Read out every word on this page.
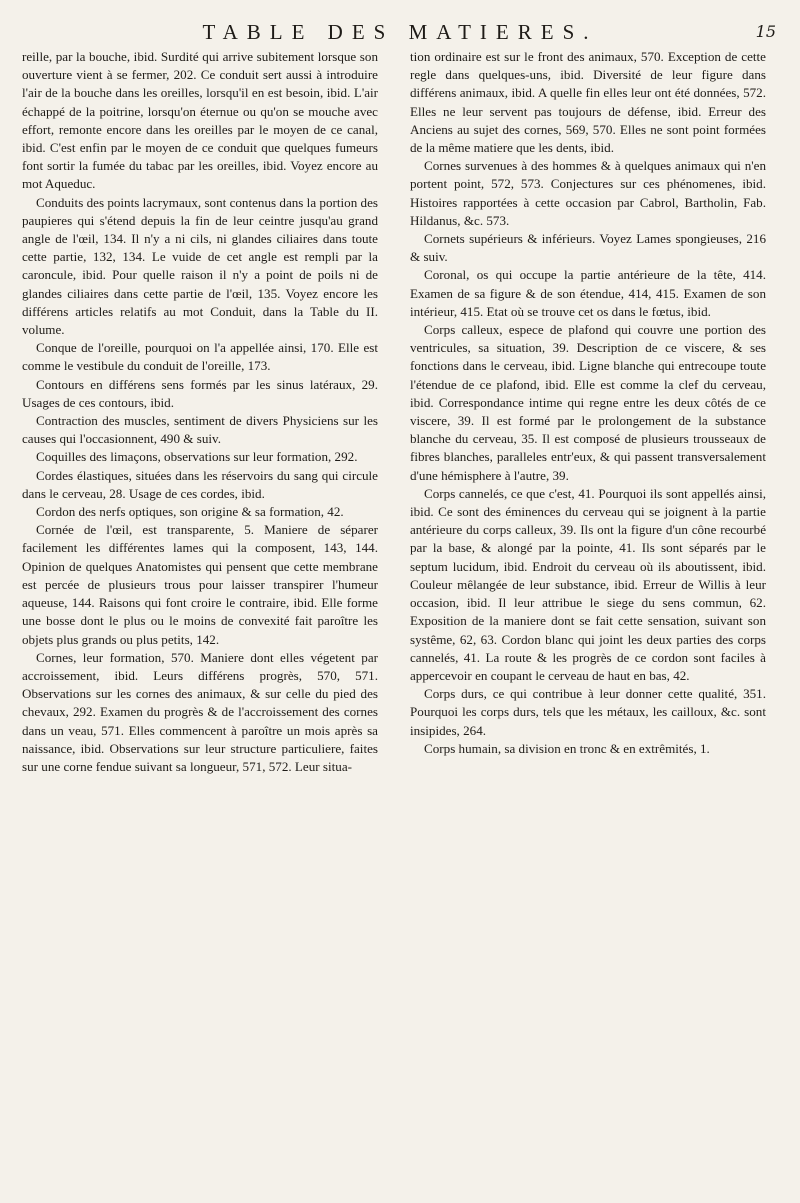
TABLE DES MATIERES.	15

reille, par la bouche, ibid. Surdité qui arrive subitement lorsque son ouverture vient à se fermer, 202. Ce conduit sert aussi à introduire l'air de la bouche dans les oreilles, lorsqu'il en est besoin, ibid. L'air échappé de la poitrine, lorsqu'on éternue ou qu'on se mouche avec effort, remonte encore dans les oreilles par le moyen de ce canal, ibid. C'est enfin par le moyen de ce conduit que quelques fumeurs font sortir la fumée du tabac par les oreilles, ibid. Voyez encore au mot Aqueduc.

Conduits des points lacrymaux, sont contenus dans la portion des paupieres qui s'étend depuis la fin de leur ceintre jusqu'au grand angle de l'œil, 134. Il n'y a ni cils, ni glandes ciliaires dans toute cette partie, 132, 134. Le vuide de cet angle est rempli par la caroncule, ibid. Pour quelle raison il n'y a point de poils ni de glandes ciliaires dans cette partie de l'œil, 135. Voyez encore les différens articles relatifs au mot Conduit, dans la Table du II. volume.

Conque de l'oreille, pourquoi on l'a appellée ainsi, 170. Elle est comme le vestibule du conduit de l'oreille, 173.

Contours en différens sens formés par les sinus latéraux, 29. Usages de ces contours, ibid.

Contraction des muscles, sentiment de divers Physiciens sur les causes qui l'occasionnent, 490 & suiv.

Coquilles des limaçons, observations sur leur formation, 292.

Cordes élastiques, situées dans les réservoirs du sang qui circule dans le cerveau, 28. Usage de ces cordes, ibid.

Cordon des nerfs optiques, son origine & sa formation, 42.

Cornée de l'œil, est transparente, 5. Maniere de séparer facilement les différentes lames qui la composent, 143, 144. Opinion de quelques Anatomistes qui pensent que cette membrane est percée de plusieurs trous pour laisser transpirer l'humeur aqueuse, 144. Raisons qui font croire le contraire, ibid. Elle forme une bosse dont le plus ou le moins de convexité fait paroître les objets plus grands ou plus petits, 142.

Cornes, leur formation, 570. Maniere dont elles végetent par accroissement, ibid. Leurs différens progrès, 570, 571. Observations sur les cornes des animaux, & sur celle du pied des chevaux, 292. Examen du progrès & de l'accroissement des cornes dans un veau, 571. Elles commencent à paroître un mois après sa naissance, ibid. Observations sur leur structure particuliere, faites sur une corne fendue suivant sa longueur, 571, 572. Leur situa-

tion ordinaire est sur le front des animaux, 570. Exception de cette regle dans quelques-uns, ibid. Diversité de leur figure dans différens animaux, ibid. A quelle fin elles leur ont été données, 572. Elles ne leur servent pas toujours de défense, ibid. Erreur des Anciens au sujet des cornes, 569, 570. Elles ne sont point formées de la même matiere que les dents, ibid.

Cornes survenues à des hommes & à quelques animaux qui n'en portent point, 572, 573. Conjectures sur ces phénomenes, ibid. Histoires rapportées à cette occasion par Cabrol, Bartholin, Fab. Hildanus, &c. 573.

Cornets supérieurs & inférieurs. Voyez Lames spongieuses, 216 & suiv.

Coronal, os qui occupe la partie antérieure de la tête, 414. Examen de sa figure & de son étendue, 414, 415. Examen de son intérieur, 415. Etat où se trouve cet os dans le fœtus, ibid.

Corps calleux, espece de plafond qui couvre une portion des ventricules, sa situation, 39. Description de ce viscere, & ses fonctions dans le cerveau, ibid. Ligne blanche qui entrecoupe toute l'étendue de ce plafond, ibid. Elle est comme la clef du cerveau, ibid. Correspondance intime qui regne entre les deux côtés de ce viscere, 39. Il est formé par le prolongement de la substance blanche du cerveau, 35. Il est composé de plusieurs trousseaux de fibres blanches, paralleles entr'eux, & qui passent transversalement d'une hémisphere à l'autre, 39.

Corps cannelés, ce que c'est, 41. Pourquoi ils sont appellés ainsi, ibid. Ce sont des éminences du cerveau qui se joignent à la partie antérieure du corps calleux, 39. Ils ont la figure d'un cône recourbé par la base, & alongé par la pointe, 41. Ils sont séparés par le septum lucidum, ibid. Endroit du cerveau où ils aboutissent, ibid. Couleur mêlangée de leur substance, ibid. Erreur de Willis à leur occasion, ibid. Il leur attribue le siege du sens commun, 62. Exposition de la maniere dont se fait cette sensation, suivant son systême, 62, 63. Cordon blanc qui joint les deux parties des corps cannelés, 41. La route & les progrès de ce cordon sont faciles à appercevoir en coupant le cerveau de haut en bas, 42.

Corps durs, ce qui contribue à leur donner cette qualité, 351. Pourquoi les corps durs, tels que les métaux, les cailloux, &c. sont insipides, 264.

Corps humain, sa division en tronc & en extrêmités, 1.
